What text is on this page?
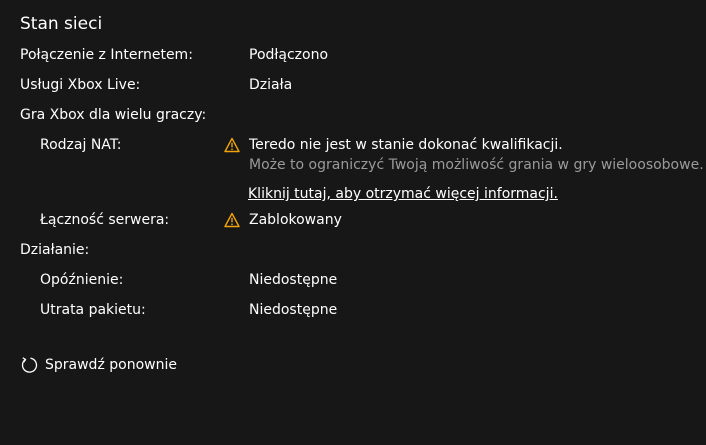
Stan sieci
Połączenie z Internetem:	Podłączono
Usługi Xbox Live:	Działa
Gra Xbox dla wielu graczy:
Rodzaj NAT:	Teredo nie jest w stanie dokonać kwalifikacji.
Może to ograniczyć Twoją możliwość grania w gry wieloosobowe.
Kliknij tutaj, aby otrzymać więcej informacji.
Łączność serwera:	Zablokowany
Działanie:
Opóźnienie:	Niedostępne
Utrata pakietu:	Niedostępne
Sprawdź ponownie
